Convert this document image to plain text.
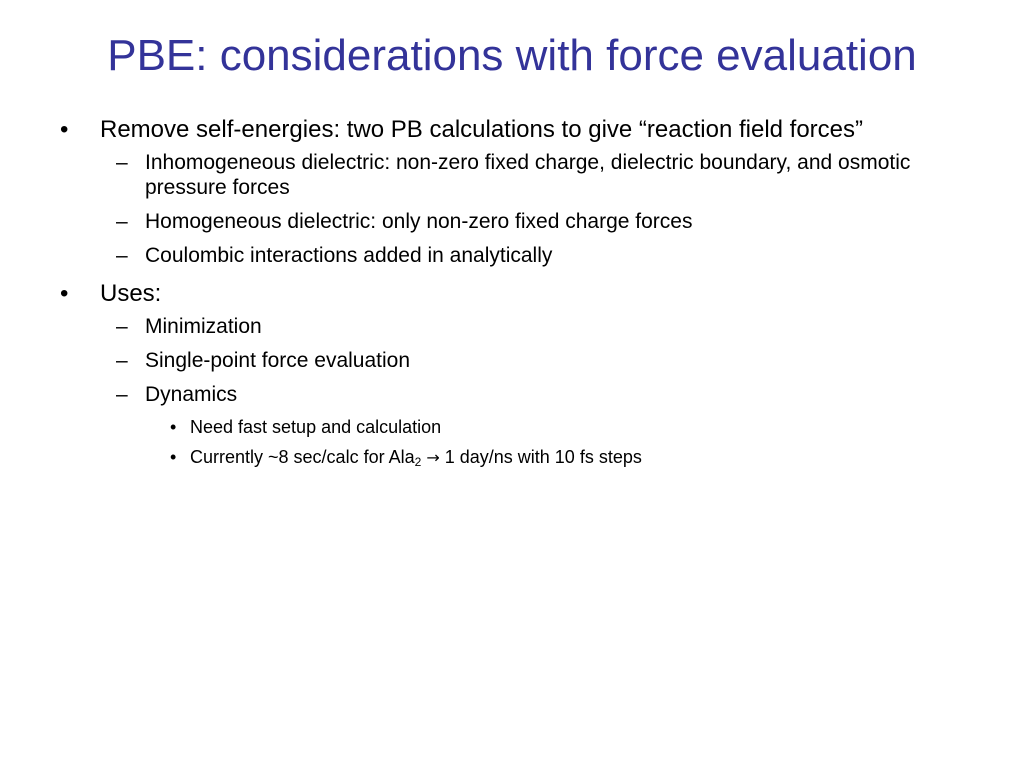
PBE: considerations with force evaluation
• Remove self-energies: two PB calculations to give “reaction field forces”
– Inhomogeneous dielectric: non-zero fixed charge, dielectric boundary, and osmotic pressure forces
– Homogeneous dielectric: only non-zero fixed charge forces
– Coulombic interactions added in analytically
• Uses:
– Minimization
– Single-point force evaluation
– Dynamics
• Need fast setup and calculation
• Currently ~8 sec/calc for Ala$_2$ → 1 day/ns with 10 fs steps
